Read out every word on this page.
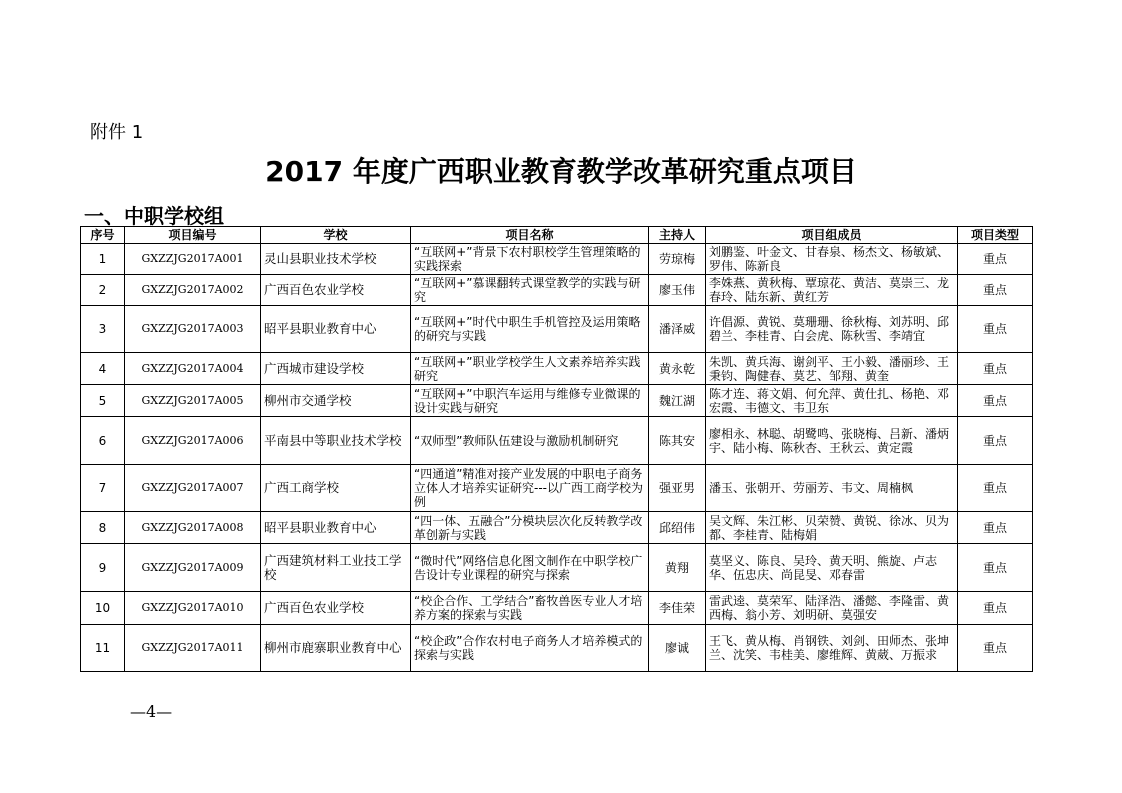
附件 1
2017 年度广西职业教育教学改革研究重点项目
一、中职学校组
序号	项目编号	学校	项目名称	主持人	项目组成员	项目类型
1	GXZZJG2017A001	灵山县职业技术学校	“互联网+”背景下农村职校学生管理策略的实践探索	劳琼梅	刘鹏鉴、叶金文、甘春泉、杨杰文、杨敏斌、罗伟、陈新良	重点
2	GXZZJG2017A002	广西百色农业学校	“互联网+”慕课翻转式课堂教学的实践与研究	廖玉伟	李姝燕、黄秋梅、覃琼花、黄洁、莫崇三、龙春玲、陆东新、黄红芳	重点
3	GXZZJG2017A003	昭平县职业教育中心	“互联网+”时代中职生手机管控及运用策略的研究与实践	潘泽威	许倡源、黄锐、莫珊珊、徐秋梅、刘苏明、邱碧兰、李桂青、白会虎、陈秋雪、李靖宜	重点
4	GXZZJG2017A004	广西城市建设学校	“互联网+”职业学校学生人文素养培养实践研究	黄永乾	朱凯、黄兵海、谢剑平、王小毅、潘丽珍、王秉钧、陶健春、莫艺、邹翔、黄奎	重点
5	GXZZJG2017A005	柳州市交通学校	“互联网+”中职汽车运用与维修专业微课的设计实践与研究	魏江湖	陈才连、蒋文娟、何允萍、黄仕扎、杨艳、邓宏霞、韦德文、韦卫东	重点
6	GXZZJG2017A006	平南县中等职业技术学校	“双师型”教师队伍建设与激励机制研究	陈其安	廖相永、林聪、胡鹭鸣、张晓梅、吕新、潘炳宇、陆小梅、陈秋杏、王秋云、黄定霞	重点
7	GXZZJG2017A007	广西工商学校	“四通道”精准对接产业发展的中职电子商务立体人才培养实证研究---以广西工商学校为例	强亚男	潘玉、张朝开、劳丽芳、韦文、周楠枫	重点
8	GXZZJG2017A008	昭平县职业教育中心	“四一体、五融合”分模块层次化反转教学改革创新与实践	邱绍伟	吴文辉、朱江彬、贝荣赞、黄锐、徐冰、贝为都、李桂青、陆梅娟	重点
9	GXZZJG2017A009	广西建筑材料工业技工学校	“微时代”网络信息化图文制作在中职学校广告设计专业课程的研究与探索	黄翔	莫坚义、陈良、吴玲、黄天明、熊旋、卢志华、伍忠庆、尚昆旻、邓春雷	重点
10	GXZZJG2017A010	广西百色农业学校	“校企合作、工学结合”畜牧兽医专业人才培养方案的探索与实践	李佳荣	雷武逵、莫荣军、陆泽浩、潘懿、李隆雷、黄西梅、翁小芳、刘明研、莫强安	重点
11	GXZZJG2017A011	柳州市鹿寨职业教育中心	“校企政”合作农村电子商务人才培养模式的探索与实践	廖诚	王飞、黄从梅、肖钢铁、刘剑、田师杰、张坤兰、沈笑、韦桂美、廖维辉、黄葳、万振求	重点
—4—
